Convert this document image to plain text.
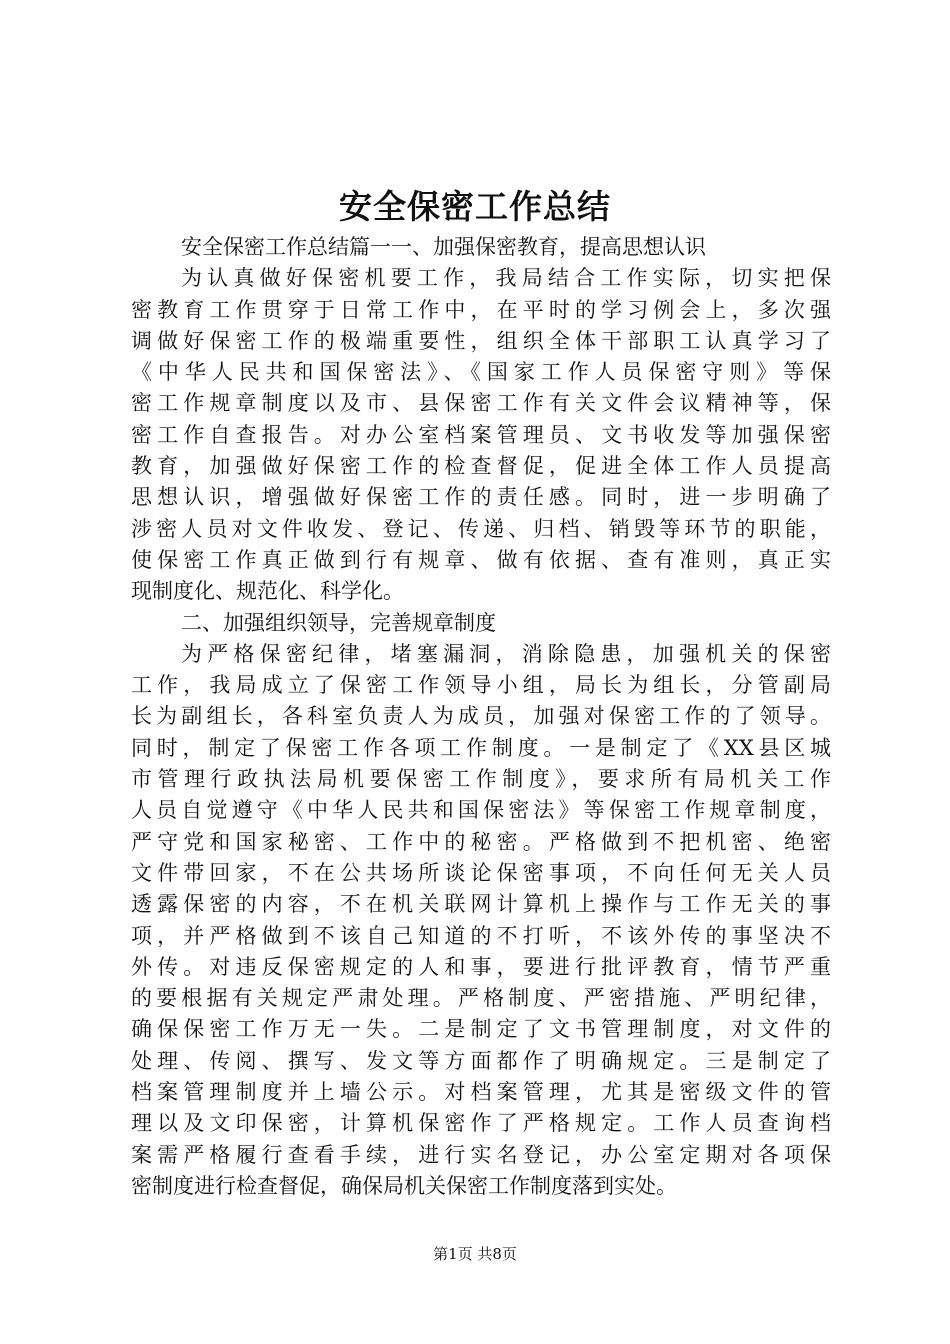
安全保密工作总结
安全保密工作总结篇一一、加强保密教育，提高思想认识
为认真做好保密机要工作，我局结合工作实际，切实把保
密教育工作贯穿于日常工作中，在平时的学习例会上，多次强
调做好保密工作的极端重要性，组织全体干部职工认真学习了
《中华人民共和国保密法》、《国家工作人员保密守则》等保
密工作规章制度以及市、县保密工作有关文件会议精神等，保
密工作自查报告。对办公室档案管理员、文书收发等加强保密
教育，加强做好保密工作的检查督促，促进全体工作人员提高
思想认识，增强做好保密工作的责任感。同时，进一步明确了
涉密人员对文件收发、登记、传递、归档、销毁等环节的职能，
使保密工作真正做到行有规章、做有依据、查有准则，真正实
现制度化、规范化、科学化。
二、加强组织领导，完善规章制度
为严格保密纪律，堵塞漏洞，消除隐患，加强机关的保密
工作，我局成立了保密工作领导小组，局长为组长，分管副局
长为副组长，各科室负责人为成员，加强对保密工作的了领导。
同时，制定了保密工作各项工作制度。一是制定了《XX县区城
市管理行政执法局机要保密工作制度》，要求所有局机关工作
人员自觉遵守《中华人民共和国保密法》等保密工作规章制度，
严守党和国家秘密、工作中的秘密。严格做到不把机密、绝密
文件带回家，不在公共场所谈论保密事项，不向任何无关人员
透露保密的内容，不在机关联网计算机上操作与工作无关的事
项，并严格做到不该自己知道的不打听，不该外传的事坚决不
外传。对违反保密规定的人和事，要进行批评教育，情节严重
的要根据有关规定严肃处理。严格制度、严密措施、严明纪律，
确保保密工作万无一失。二是制定了文书管理制度，对文件的
处理、传阅、撰写、发文等方面都作了明确规定。三是制定了
档案管理制度并上墙公示。对档案管理，尤其是密级文件的管
理以及文印保密，计算机保密作了严格规定。工作人员查询档
案需严格履行查看手续，进行实名登记，办公室定期对各项保
密制度进行检查督促，确保局机关保密工作制度落到实处。
第1页 共8页
